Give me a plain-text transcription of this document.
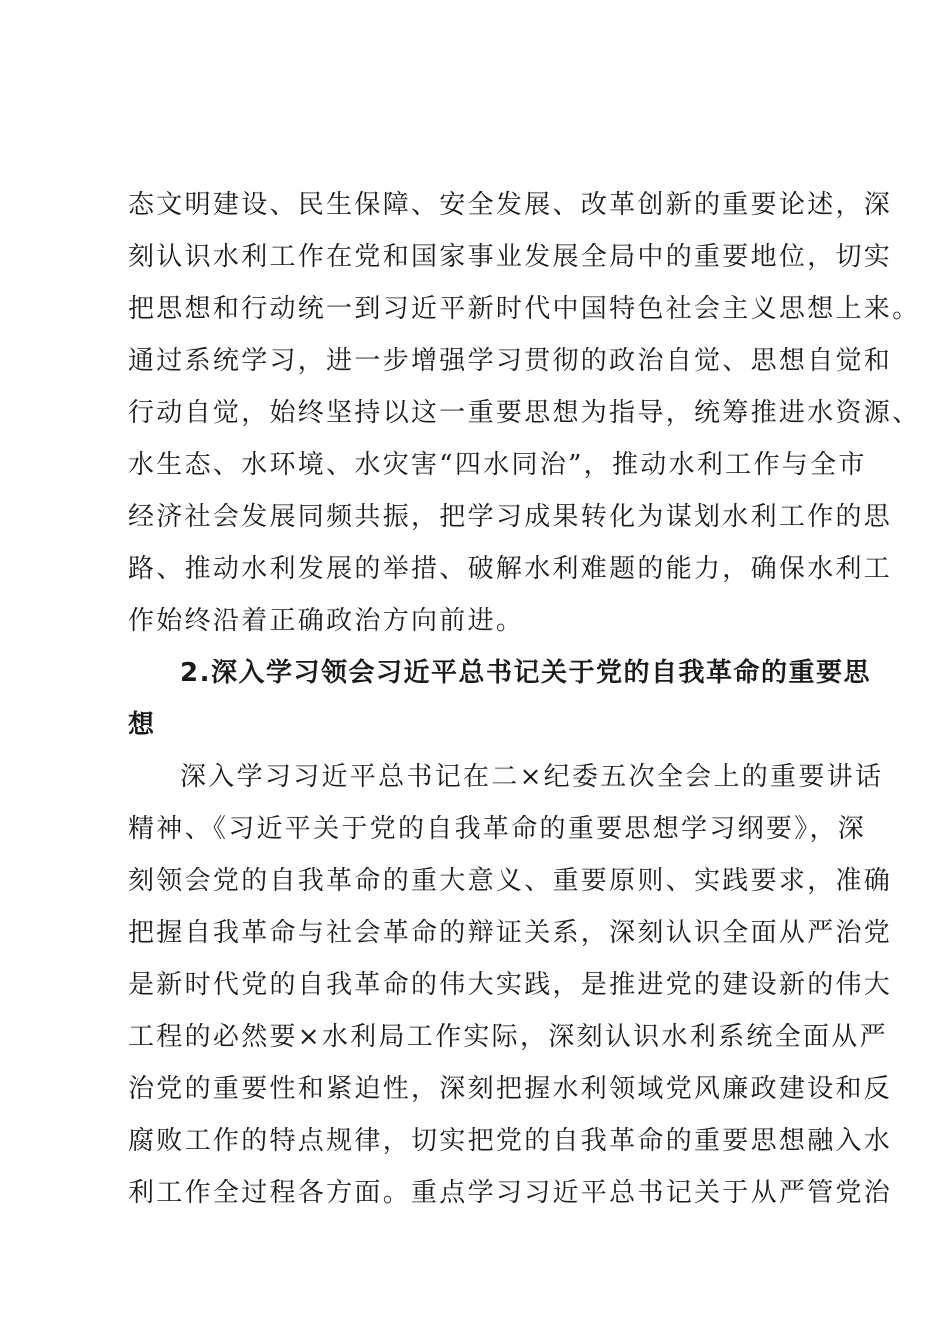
态文明建设、民生保障、安全发展、改革创新的重要论述，深
刻认识水利工作在党和国家事业发展全局中的重要地位，切实
把思想和行动统一到习近平新时代中国特色社会主义思想上来。
通过系统学习，进一步增强学习贯彻的政治自觉、思想自觉和
行动自觉，始终坚持以这一重要思想为指导，统筹推进水资源、
水生态、水环境、水灾害“四水同治”，推动水利工作与全市
经济社会发展同频共振，把学习成果转化为谋划水利工作的思
路、推动水利发展的举措、破解水利难题的能力，确保水利工
作始终沿着正确政治方向前进。
2.深入学习领会习近平总书记关于党的自我革命的重要思
想
深入学习习近平总书记在二×纪委五次全会上的重要讲话
精神、《习近平关于党的自我革命的重要思想学习纲要》，深
刻领会党的自我革命的重大意义、重要原则、实践要求，准确
把握自我革命与社会革命的辩证关系，深刻认识全面从严治党
是新时代党的自我革命的伟大实践，是推进党的建设新的伟大
工程的必然要×水利局工作实际，深刻认识水利系统全面从严
治党的重要性和紧迫性，深刻把握水利领域党风廉政建设和反
腐败工作的特点规律，切实把党的自我革命的重要思想融入水
利工作全过程各方面。重点学习习近平总书记关于从严管党治
